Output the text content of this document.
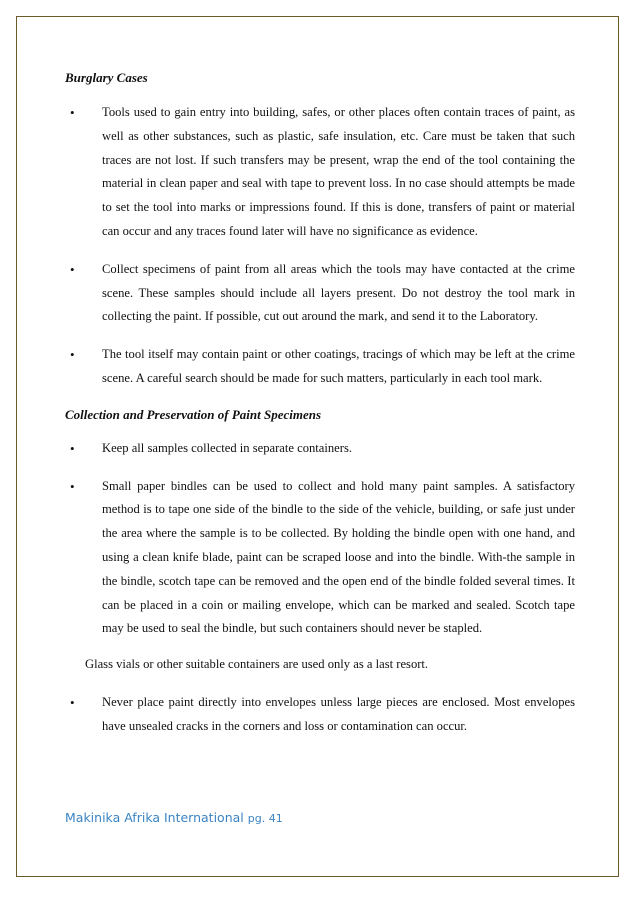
Burglary Cases
• Tools used to gain entry into building, safes, or other places often contain traces of paint, as well as other substances, such as plastic, safe insulation, etc. Care must be taken that such traces are not lost. If such transfers may be present, wrap the end of the tool containing the material in clean paper and seal with tape to prevent loss. In no case should attempts be made to set the tool into marks or impressions found. If this is done, transfers of paint or material can occur and any traces found later will have no significance as evidence.

• Collect specimens of paint from all areas which the tools may have contacted at the crime scene. These samples should include all layers present. Do not destroy the tool mark in collecting the paint. If possible, cut out around the mark, and send it to the Laboratory.

• The tool itself may contain paint or other coatings, tracings of which may be left at the crime scene. A careful search should be made for such matters, particularly in each tool mark.

Collection and Preservation of Paint Specimens
• Keep all samples collected in separate containers.

• Small paper bindles can be used to collect and hold many paint samples. A satisfactory method is to tape one side of the bindle to the side of the vehicle, building, or safe just under the area where the sample is to be collected. By holding the bindle open with one hand, and using a clean knife blade, paint can be scraped loose and into the bindle. With-the sample in the bindle, scotch tape can be removed and the open end of the bindle folded several times. It can be placed in a coin or mailing envelope, which can be marked and sealed. Scotch tape may be used to seal the bindle, but such containers should never be stapled.

Glass vials or other suitable containers are used only as a last resort.

• Never place paint directly into envelopes unless large pieces are enclosed. Most envelopes have unsealed cracks in the corners and loss or contamination can occur.

Makinika Afrika International pg. 41
